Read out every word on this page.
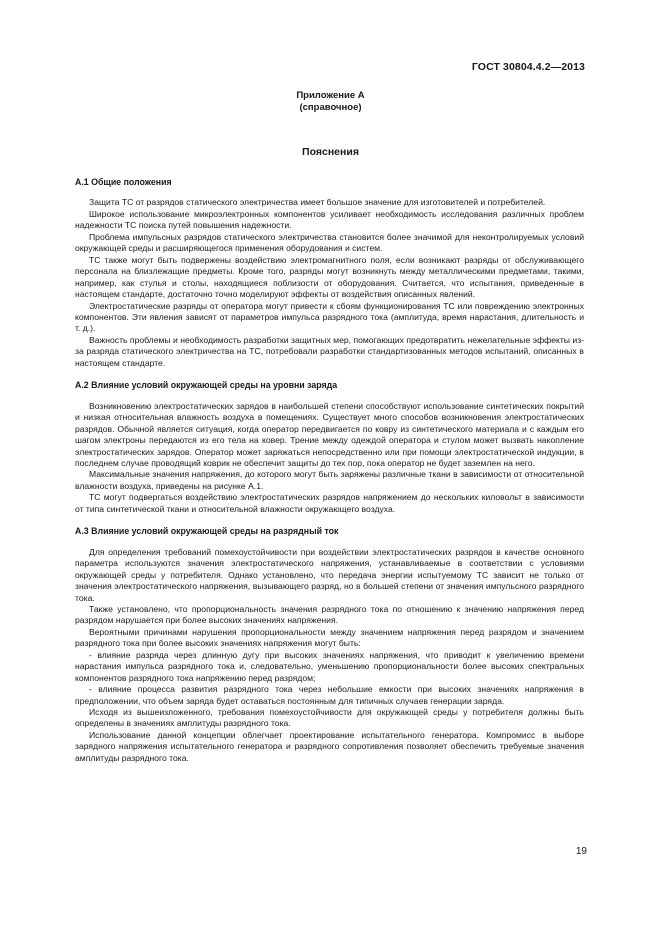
ГОСТ 30804.4.2—2013
Приложение А
(справочное)
Пояснения
А.1 Общие положения

Защита ТС от разрядов статического электричества имеет большое значение для изготовителей и потребителей.

Широкое использование микроэлектронных компонентов усиливает необходимость исследования различных проблем надежности ТС поиска путей повышения надежности.

Проблема импульсных разрядов статического электричества становится более значимой для неконтролируемых условий окружающей среды и расширяющегося применения оборудования и систем.

ТС также могут быть подвержены воздействию электромагнитного поля, если возникают разряды от обслуживающего персонала на близлежащие предметы. Кроме того, разряды могут возникнуть между металлическими предметами, такими, например, как стулья и столы, находящиеся поблизости от оборудования. Считается, что испытания, приведенные в настоящем стандарте, достаточно точно моделируют эффекты от воздействия описанных явлений.

Электростатические разряды от оператора могут привести к сбоям функционирования ТС или повреждению электронных компонентов. Эти явления зависят от параметров импульса разрядного тока (амплитуда, время нарастания, длительность и т. д.).

Важность проблемы и необходимость разработки защитных мер, помогающих предотвратить нежелательные эффекты из-за разряда статического электричества на ТС, потребовали разработки стандартизованных методов испытаний, описанных в настоящем стандарте.

А.2 Влияние условий окружающей среды на уровни заряда

Возникновению электростатических зарядов в наибольшей степени способствуют использование синтетических покрытий и низкая относительная влажность воздуха в помещениях. Существует много способов возникновения электростатических разрядов. Обычной является ситуация, когда оператор передвигается по ковру из синтетического материала и с каждым его шагом электроны передаются из его тела на ковер. Трение между одеждой оператора и стулом может вызвать накопление электростатических зарядов. Оператор может заряжаться непосредственно или при помощи электростатической индукции, в последнем случае проводящий коврик не обеспечит защиты до тех пор, пока оператор не будет заземлен на него.

Максимальные значения напряжения, до которого могут быть заряжены различные ткани в зависимости от относительной влажности воздуха, приведены на рисунке А.1.

ТС могут подвергаться воздействию электростатических разрядов напряжением до нескольких киловольт в зависимости от типа синтетической ткани и относительной влажности окружающего воздуха.

А.3 Влияние условий окружающей среды на разрядный ток

Для определения требований помехоустойчивости при воздействии электростатических разрядов в качестве основного параметра используются значения электростатического напряжения, устанавливаемые в соответствии с условиями окружающей среды у потребителя. Однако установлено, что передача энергии испытуемому ТС зависит не только от значения электростатического напряжения, вызывающего разряд, но в большей степени от значения импульсного разрядного тока.

Также установлено, что пропорциональность значения разрядного тока по отношению к значению напряжения перед разрядом нарушается при более высоких значениях напряжения.

Вероятными причинами нарушения пропорциональности между значением напряжения перед разрядом и значением разрядного тока при более высоких значениях напряжения могут быть:

- влияние разряда через длинную дугу при высоких значениях напряжения, что приводит к увеличению времени нарастания импульса разрядного тока и, следовательно, уменьшению пропорциональности более высоких спектральных компонентов разрядного тока напряжению перед разрядом;

- влияние процесса развития разрядного тока через небольшие емкости при высоких значениях напряжения в предположении, что объем заряда будет оставаться постоянным для типичных случаев генерации заряда.

Исходя из вышеизложенного, требования помехоустойчивости для окружающей среды у потребителя должны быть определены в значениях амплитуды разрядного тока.

Использование данной концепции облегчает проектирование испытательного генератора. Компромисс в выборе зарядного напряжения испытательного генератора и разрядного сопротивления позволяет обеспечить требуемые значения амплитуды разрядного тока.

19
